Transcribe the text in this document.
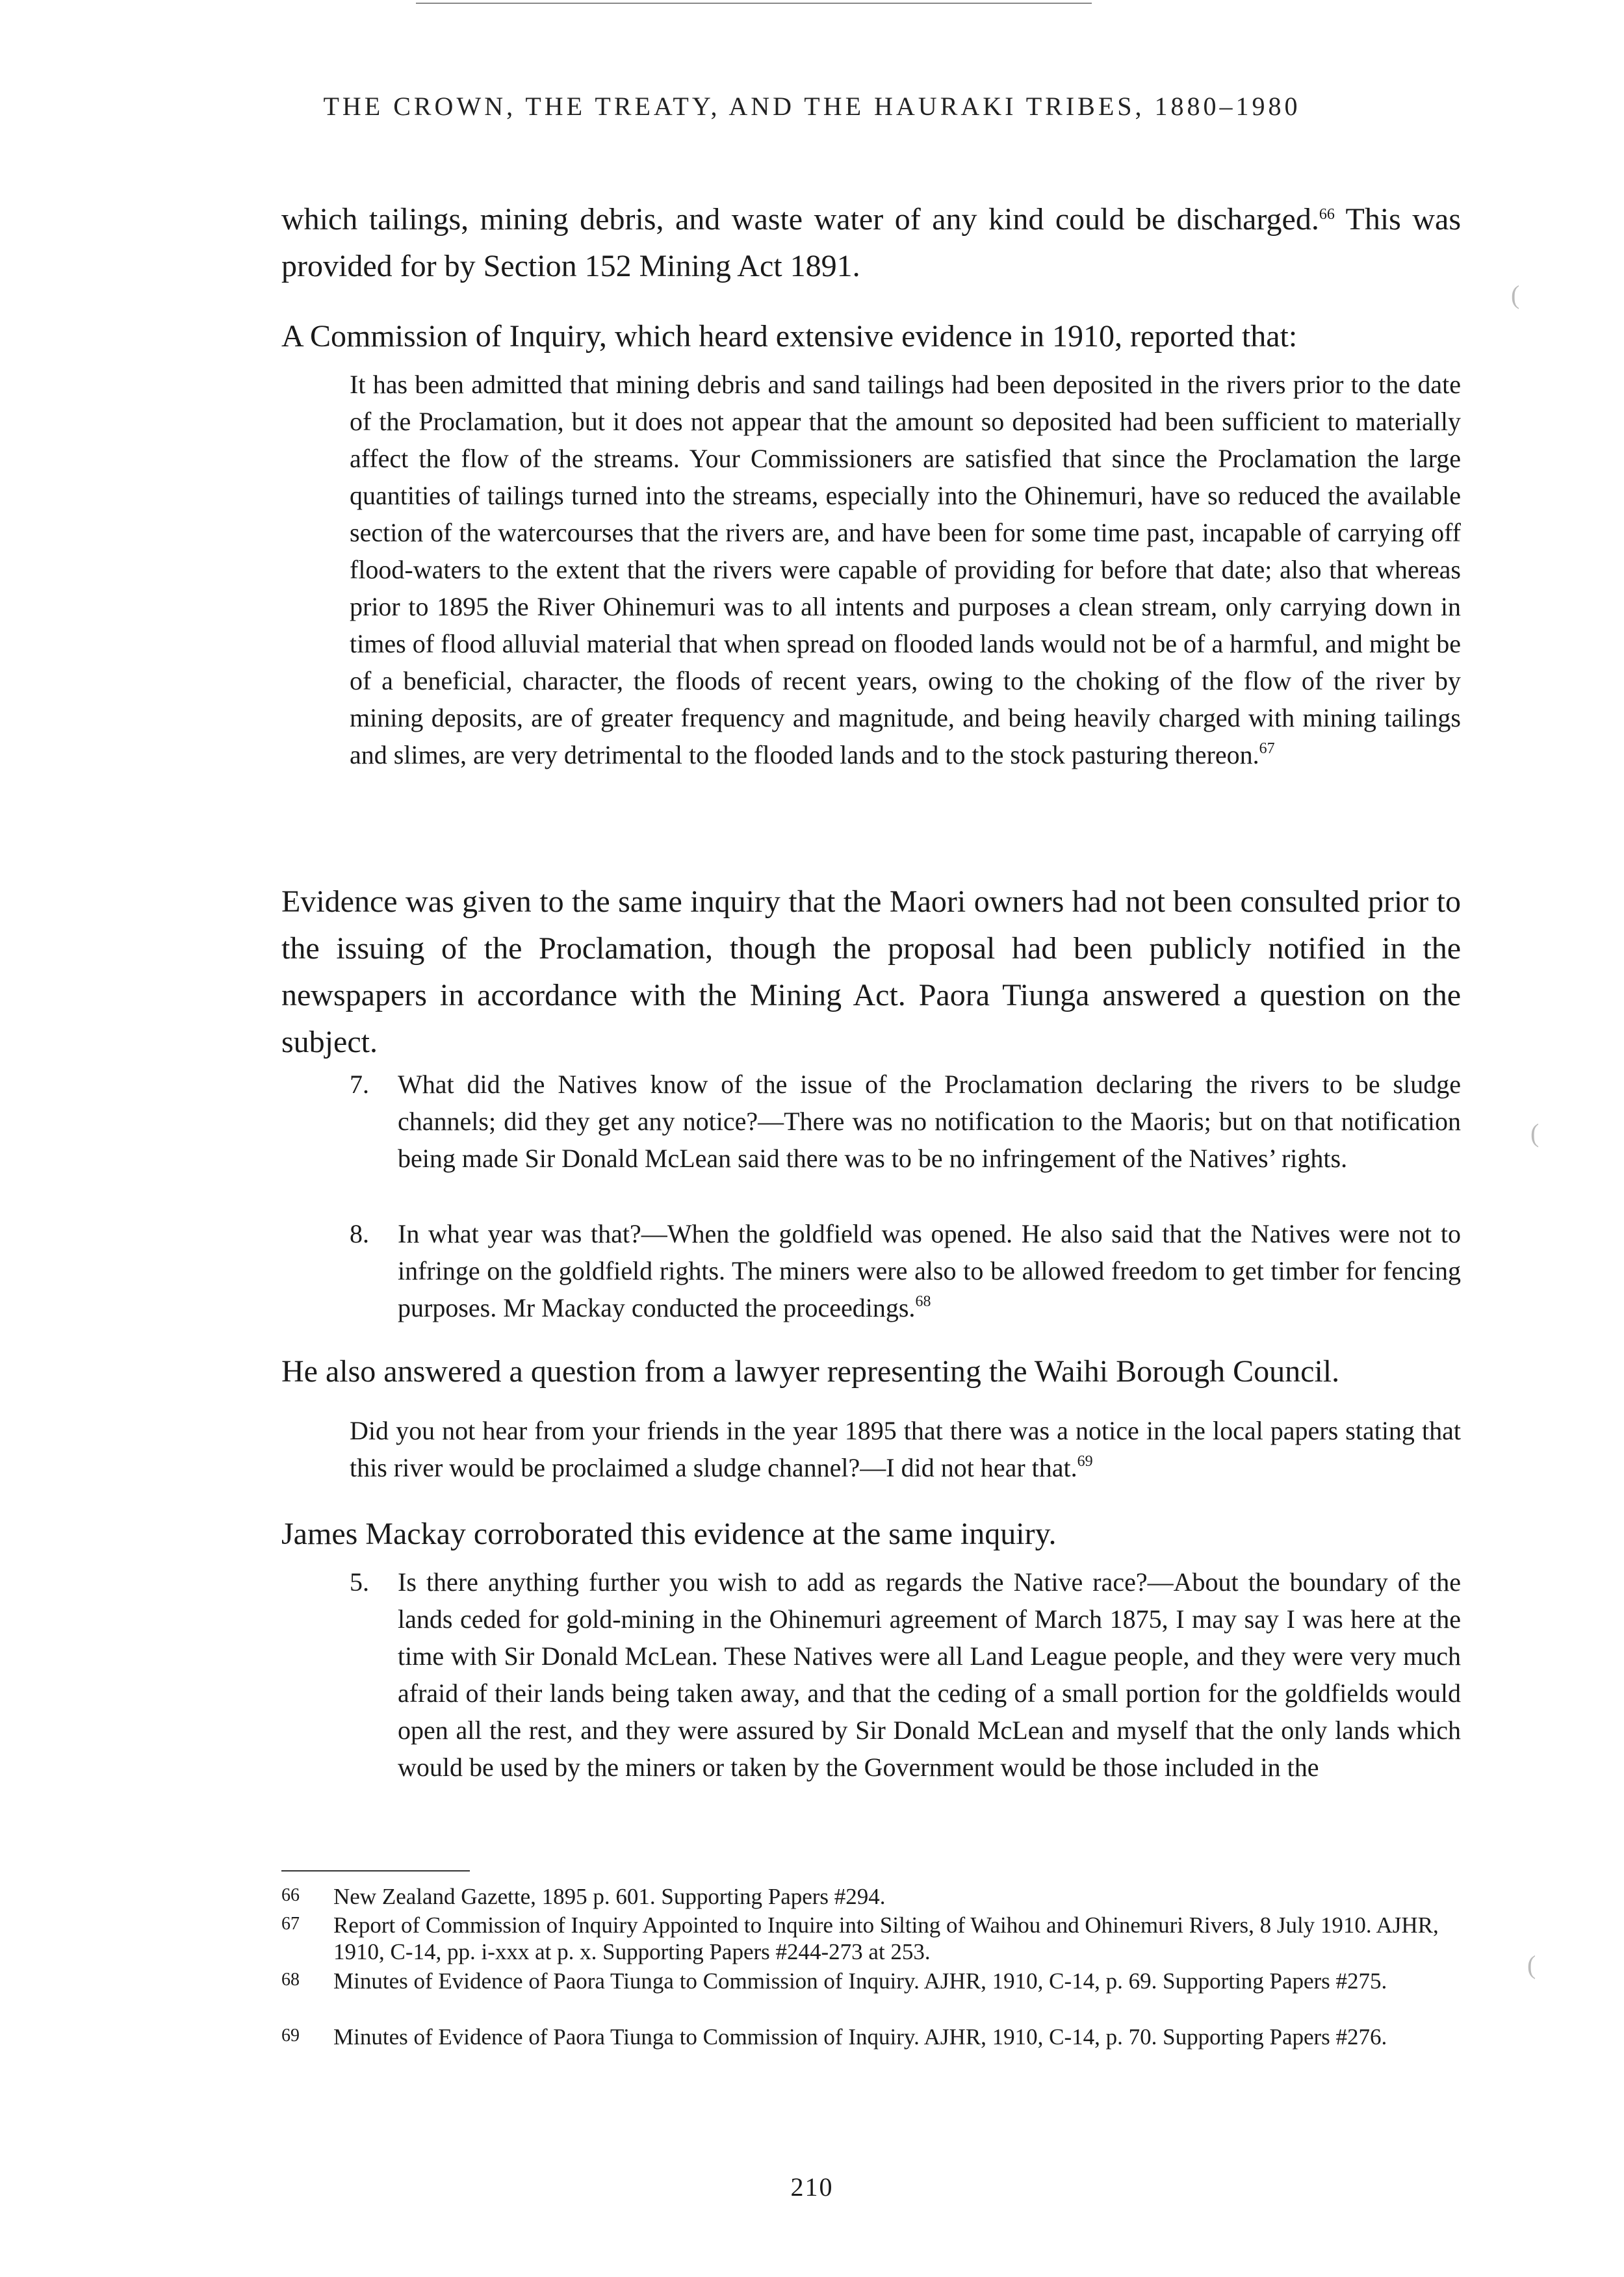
THE CROWN, THE TREATY, AND THE HAURAKI TRIBES, 1880–1980

which tailings, mining debris, and waste water of any kind could be discharged.$^{66}$ This was provided for by Section 152 Mining Act 1891.

A Commission of Inquiry, which heard extensive evidence in 1910, reported that:

It has been admitted that mining debris and sand tailings had been deposited in the rivers prior to the date of the Proclamation, but it does not appear that the amount so deposited had been sufficient to materially affect the flow of the streams. Your Commissioners are satisfied that since the Proclamation the large quantities of tailings turned into the streams, especially into the Ohinemuri, have so reduced the available section of the watercourses that the rivers are, and have been for some time past, incapable of carrying off flood-waters to the extent that the rivers were capable of providing for before that date; also that whereas prior to 1895 the River Ohinemuri was to all intents and purposes a clean stream, only carrying down in times of flood alluvial material that when spread on flooded lands would not be of a harmful, and might be of a beneficial, character, the floods of recent years, owing to the choking of the flow of the river by mining deposits, are of greater frequency and magnitude, and being heavily charged with mining tailings and slimes, are very detrimental to the flooded lands and to the stock pasturing thereon.$^{67}$

Evidence was given to the same inquiry that the Maori owners had not been consulted prior to the issuing of the Proclamation, though the proposal had been publicly notified in the newspapers in accordance with the Mining Act. Paora Tiunga answered a question on the subject.

7.	What did the Natives know of the issue of the Proclamation declaring the rivers to be sludge channels; did they get any notice?—There was no notification to the Maoris; but on that notification being made Sir Donald McLean said there was to be no infringement of the Natives’ rights.
8.	In what year was that?—When the goldfield was opened. He also said that the Natives were not to infringe on the goldfield rights. The miners were also to be allowed freedom to get timber for fencing purposes. Mr Mackay conducted the proceedings.$^{68}$

He also answered a question from a lawyer representing the Waihi Borough Council.

Did you not hear from your friends in the year 1895 that there was a notice in the local papers stating that this river would be proclaimed a sludge channel?—I did not hear that.$^{69}$

James Mackay corroborated this evidence at the same inquiry.

5.	Is there anything further you wish to add as regards the Native race?—About the boundary of the lands ceded for gold-mining in the Ohinemuri agreement of March 1875, I may say I was here at the time with Sir Donald McLean. These Natives were all Land League people, and they were very much afraid of their lands being taken away, and that the ceding of a small portion for the goldfields would open all the rest, and they were assured by Sir Donald McLean and myself that the only lands which would be used by the miners or taken by the Government would be those included in the
66 New Zealand Gazette, 1895 p. 601. Supporting Papers #294.
67 Report of Commission of Inquiry Appointed to Inquire into Silting of Waihou and Ohinemuri Rivers, 8 July 1910. AJHR, 1910, C-14, pp. i-xxx at p. x. Supporting Papers #244-273 at 253.
68 Minutes of Evidence of Paora Tiunga to Commission of Inquiry. AJHR, 1910, C-14, p. 69. Supporting Papers #275.
69 Minutes of Evidence of Paora Tiunga to Commission of Inquiry. AJHR, 1910, C-14, p. 70. Supporting Papers #276.
210
(
(
(
